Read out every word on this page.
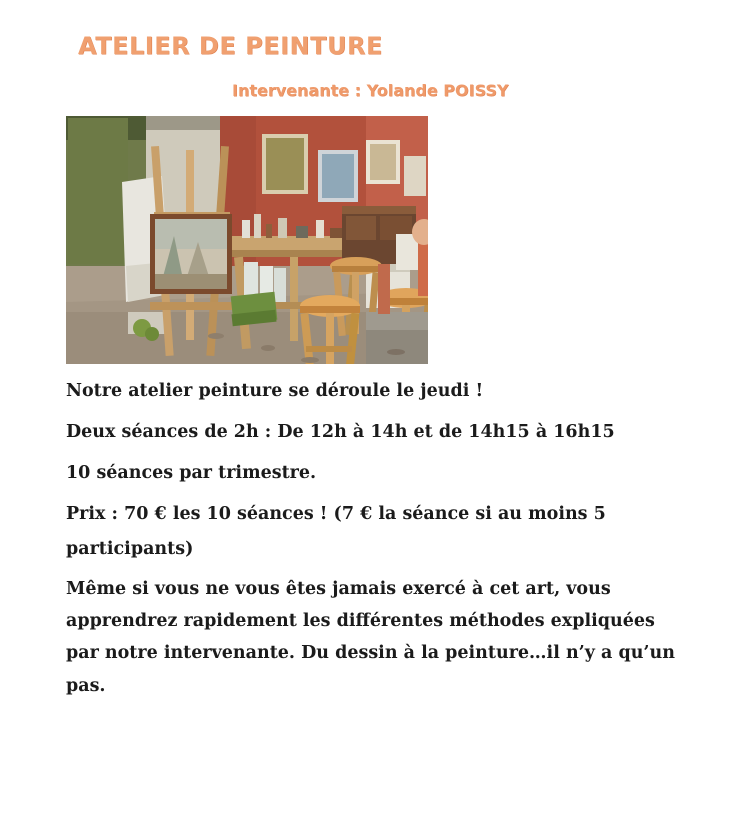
ATELIER DE PEINTURE
Intervenante : Yolande POISSY

Notre atelier peinture se déroule le jeudi !

Deux séances de 2h : De 12h à 14h et de 14h15 à 16h15

10 séances par trimestre.

Prix : 70 € les 10 séances ! (7 € la séance si au moins 5 participants)

Même si vous ne vous êtes jamais exercé à cet art, vous apprendrez rapidement les différentes méthodes expliquées par notre intervenante. Du dessin à la peinture…il n’y a qu’un pas.
